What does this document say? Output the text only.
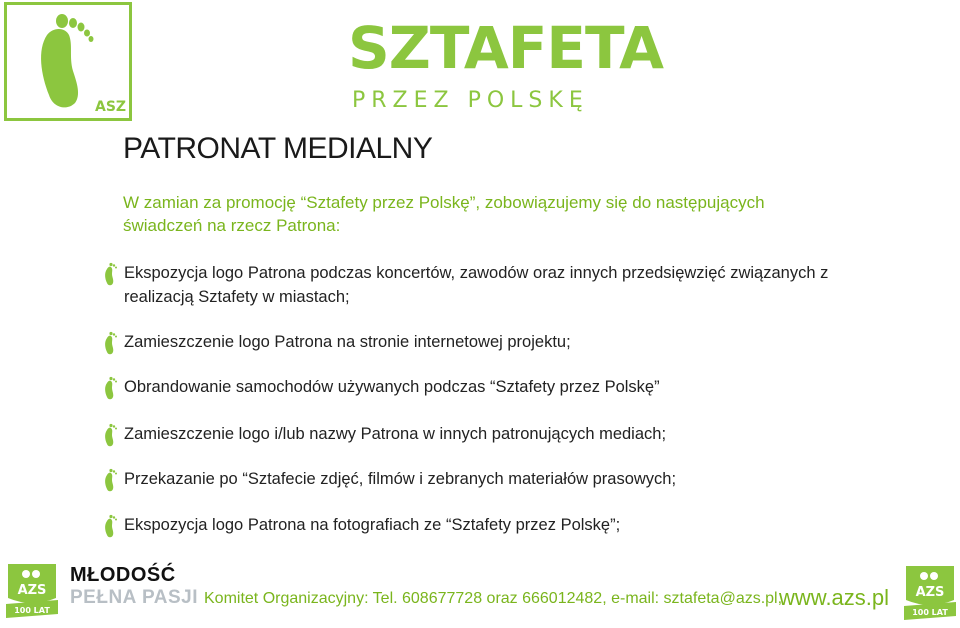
ASZ
SZTAFETA
PRZEZ POLSKĘ
PATRONAT MEDIALNY
W zamian za promocję “Sztafety przez Polskę”, zobowiązujemy się do następujących świadczeń na rzecz Patrona:
Ekspozycja logo Patrona podczas koncertów, zawodów oraz innych przedsięwzięć związanych z realizacją Sztafety w miastach;
Zamieszczenie logo Patrona na stronie internetowej projektu;
Obrandowanie samochodów używanych podczas “Sztafety przez Polskę”
Zamieszczenie logo i/lub nazwy Patrona w innych patronujących mediach;
Przekazanie po “Sztafecie zdjęć, filmów i zebranych materiałów prasowych;
Ekspozycja logo Patrona na fotografiach ze “Sztafety przez Polskę”;
AZS
100 LAT
MŁODOŚĆ
PEŁNA PASJI Komitet Organizacyjny: Tel. 608677728 oraz 666012482, e-mail: sztafeta@azs.pl,
www.azs.pl AZS
100 LAT
